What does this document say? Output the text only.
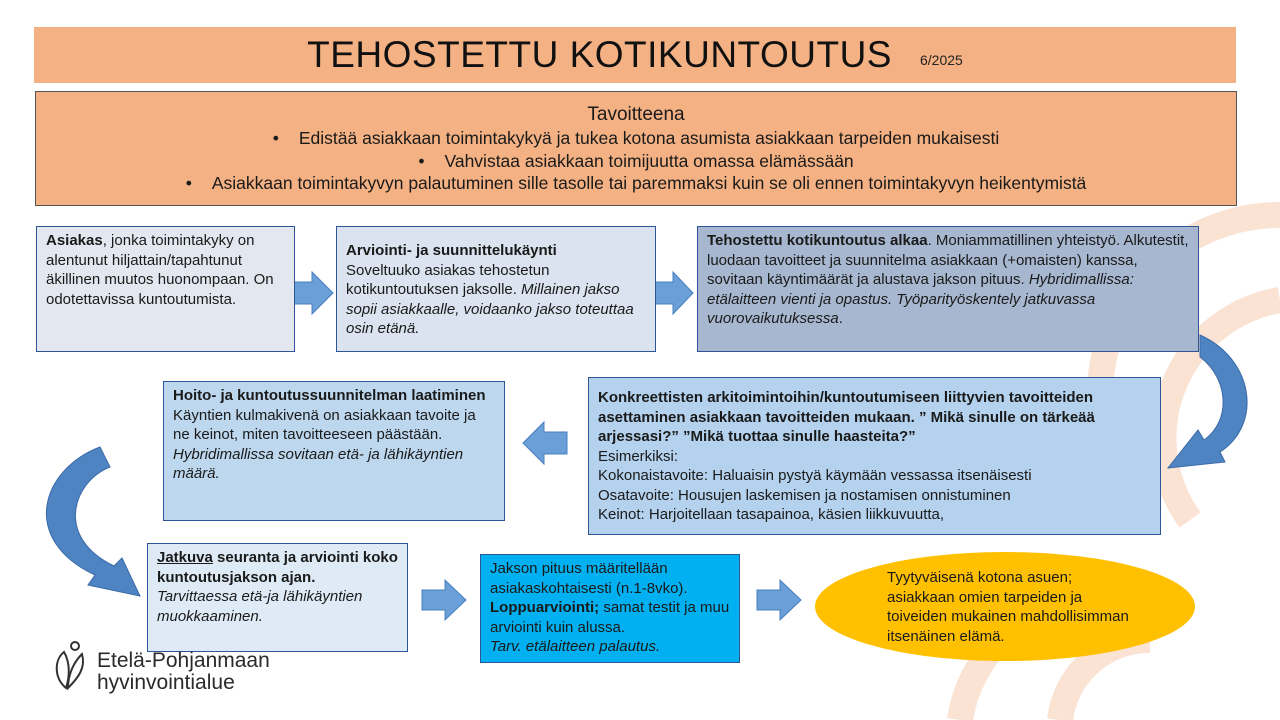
TEHOSTETTU KOTIKUNTOUTUS 6/2025
Tavoitteena
• Edistää asiakkaan toimintakykyä ja tukea kotona asumista asiakkaan tarpeiden mukaisesti
• Vahvistaa asiakkaan toimijuutta omassa elämässään
• Asiakkaan toimintakyvyn palautuminen sille tasolle tai paremmaksi kuin se oli ennen toimintakyvyn heikentymistä
Asiakas, jonka toimintakyky on alentunut hiljattain/tapahtunut äkillinen muutos huonompaan. On odotettavissa kuntoutumista.
Arviointi- ja suunnittelukäynti
Soveltuuko asiakas tehostetun kotikuntoutuksen jaksolle. Millainen jakso sopii asiakkaalle, voidaanko jakso toteuttaa osin etänä.
Tehostettu kotikuntoutus alkaa. Moniammatillinen yhteistyö. Alkutestit, luodaan tavoitteet ja suunnitelma asiakkaan (+omaisten) kanssa, sovitaan käyntimäärät ja alustava jakson pituus. Hybridimallissa: etälaitteen vienti ja opastus. Työparityöskentely jatkuvassa vuorovaikutuksessa.
Konkreettisten arkitoimintoihin/kuntoutumiseen liittyvien tavoitteiden asettaminen asiakkaan tavoitteiden mukaan. ” Mikä sinulle on tärkeää arjessasi?” ”Mikä tuottaa sinulle haasteita?”
Esimerkiksi:
Kokonaistavoite: Haluaisin pystyä käymään vessassa itsenäisesti
Osatavoite: Housujen laskemisen ja nostamisen onnistuminen
Keinot: Harjoitellaan tasapainoa, käsien liikkuvuutta,
Hoito- ja kuntoutussuunnitelman laatiminen
Käyntien kulmakivenä on asiakkaan tavoite ja ne keinot, miten tavoitteeseen päästään. Hybridimallissa sovitaan etä- ja lähikäyntien määrä.
Jatkuva seuranta ja arviointi koko kuntoutusjakson ajan.
Tarvittaessa etä-ja lähikäyntien muokkaaminen.
Jakson pituus määritellään asiakaskohtaisesti (n.1-8vko).
Loppuarviointi; samat testit ja muu arviointi kuin alussa.
Tarv. etälaitteen palautus.
Tyytyväisenä kotona asuen; asiakkaan omien tarpeiden ja toiveiden mukainen mahdollisimman itsenäinen elämä.
Etelä-Pohjanmaan
hyvinvointialue
